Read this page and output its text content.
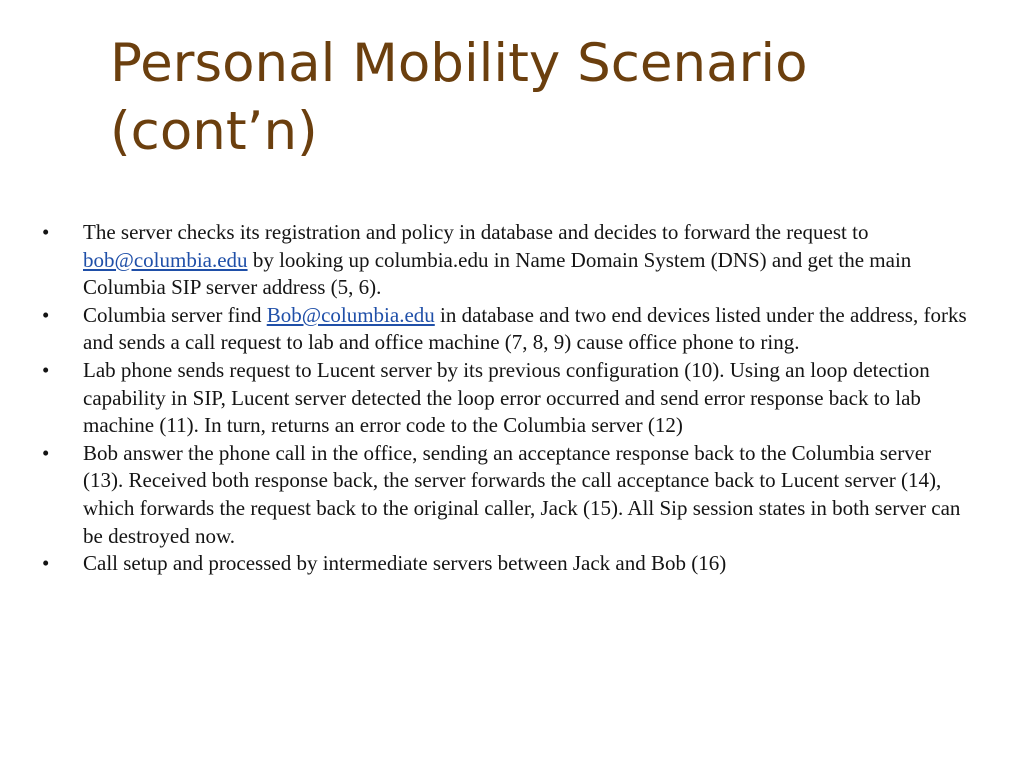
Personal Mobility Scenario
(cont’n)
• The server checks its registration and policy in database and decides to forward the request to bob@columbia.edu by looking up columbia.edu in Name Domain System (DNS) and get the main Columbia SIP server address (5, 6).
• Columbia server find Bob@columbia.edu in database and two end devices listed under the address, forks and sends a call request to lab and office machine (7, 8, 9) cause office phone to ring.
• Lab phone sends request to Lucent server by its previous configuration (10). Using an loop detection capability in SIP, Lucent server detected the loop error occurred and send error response back to lab machine (11). In turn, returns an error code to the Columbia server (12)
• Bob answer the phone call in the office, sending an acceptance response back to the Columbia server (13). Received both response back, the server forwards the call acceptance back to Lucent server (14), which forwards the request back to the original caller, Jack (15). All Sip session states in both server can be destroyed now.
• Call setup and processed by intermediate servers between Jack and Bob (16)
